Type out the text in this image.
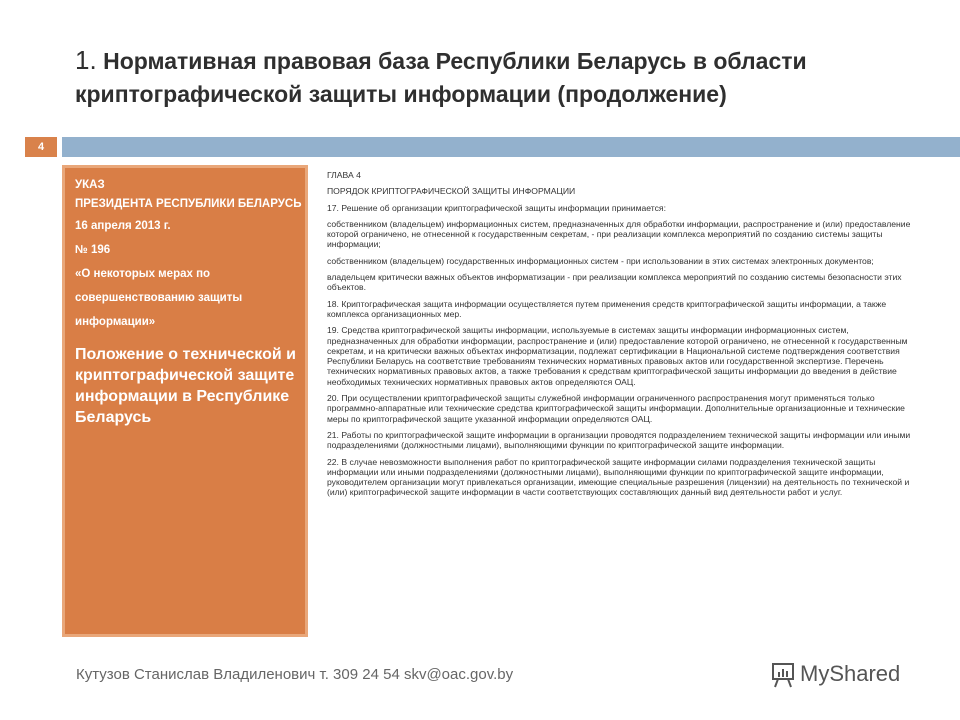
1. Нормативная правовая база Республики Беларусь в области криптографической защиты информации (продолжение)
4
УКАЗ
ПРЕЗИДЕНТА РЕСПУБЛИКИ БЕЛАРУСЬ
16 апреля 2013 г.
№ 196
«О некоторых мерах по совершенствованию защиты информации»
Положение о технической и криптографической защите информации в Республике Беларусь

ГЛАВА 4

ПОРЯДОК КРИПТОГРАФИЧЕСКОЙ ЗАЩИТЫ ИНФОРМАЦИИ

17. Решение об организации криптографической защиты информации принимается:

собственником (владельцем) информационных систем, предназначенных для обработки информации, распространение и (или) предоставление которой ограничено, не отнесенной к государственным секретам, - при реализации комплекса мероприятий по созданию системы защиты информации;

собственником (владельцем) государственных информационных систем - при использовании в этих системах электронных документов;

владельцем критически важных объектов информатизации - при реализации комплекса мероприятий по созданию системы безопасности этих объектов.

18. Криптографическая защита информации осуществляется путем применения средств криптографической защиты информации, а также комплекса организационных мер.

19. Средства криптографической защиты информации, используемые в системах защиты информации информационных систем, предназначенных для обработки информации, распространение и (или) предоставление которой ограничено, не отнесенной к государственным секретам, и на критически важных объектах информатизации, подлежат сертификации в Национальной системе подтверждения соответствия Республики Беларусь на соответствие требованиям технических нормативных правовых актов или государственной экспертизе. Перечень технических нормативных правовых актов, а также требования к средствам криптографической защиты информации до введения в действие необходимых технических нормативных правовых актов определяются ОАЦ.

20. При осуществлении криптографической защиты служебной информации ограниченного распространения могут применяться только программно-аппаратные или технические средства криптографической защиты информации. Дополнительные организационные и технические меры по криптографической защите указанной информации определяются ОАЦ.

21. Работы по криптографической защите информации в организации проводятся подразделением технической защиты информации или иными подразделениями (должностными лицами), выполняющими функции по криптографической защите информации.

22. В случае невозможности выполнения работ по криптографической защите информации силами подразделения технической защиты информации или иными подразделениями (должностными лицами), выполняющими функции по криптографической защите информации, руководителем организации могут привлекаться организации, имеющие специальные разрешения (лицензии) на деятельность по технической и (или) криптографической защите информации в части соответствующих составляющих данный вид деятельности работ и услуг.

Кутузов Станислав Владиленович т. 309 24 54 skv@oac.gov.by	MyShared
